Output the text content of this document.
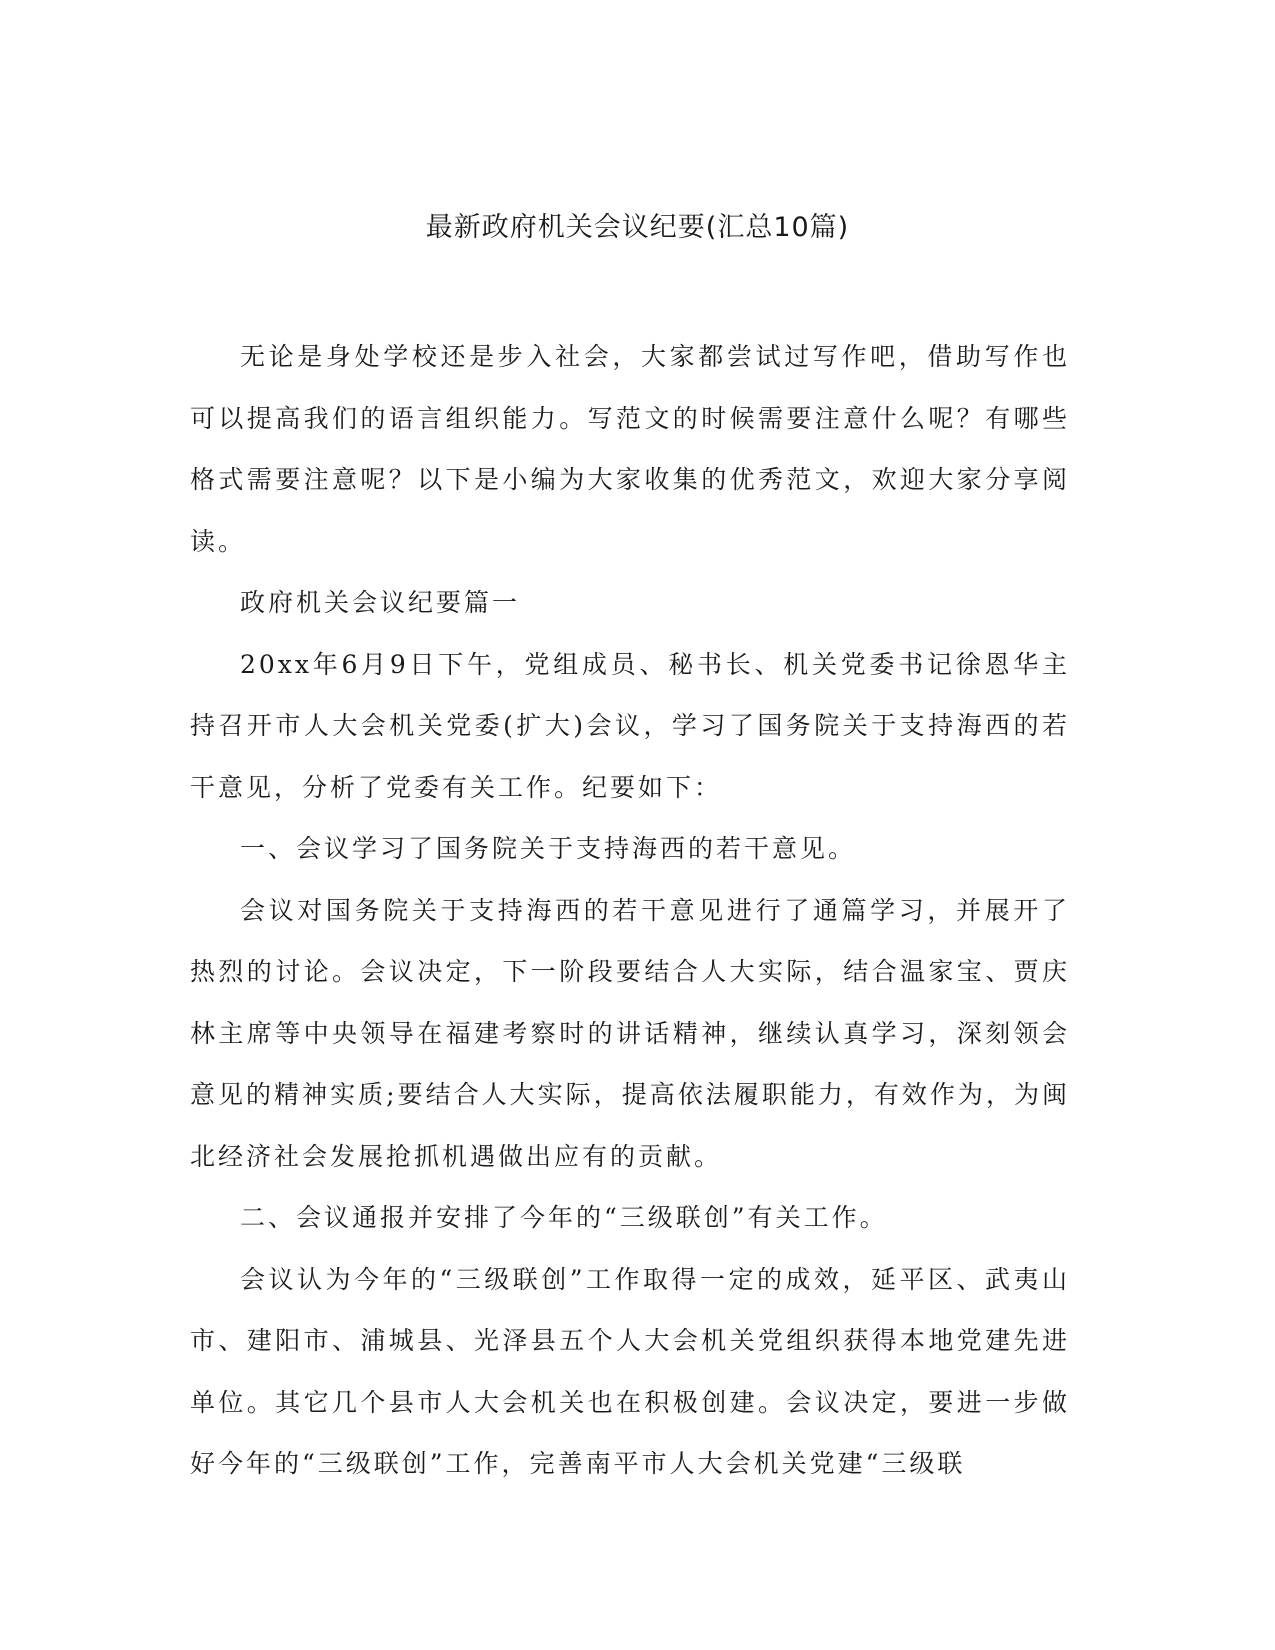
最新政府机关会议纪要(汇总10篇)

无论是身处学校还是步入社会，大家都尝试过写作吧，借助写作也可以提高我们的语言组织能力。写范文的时候需要注意什么呢？有哪些格式需要注意呢？以下是小编为大家收集的优秀范文，欢迎大家分享阅读。

政府机关会议纪要篇一

20xx年6月9日下午，党组成员、秘书长、机关党委书记徐恩华主持召开市人大会机关党委(扩大)会议，学习了国务院关于支持海西的若干意见，分析了党委有关工作。纪要如下：

一、会议学习了国务院关于支持海西的若干意见。

会议对国务院关于支持海西的若干意见进行了通篇学习，并展开了热烈的讨论。会议决定，下一阶段要结合人大实际，结合温家宝、贾庆林主席等中央领导在福建考察时的讲话精神，继续认真学习，深刻领会意见的精神实质;要结合人大实际，提高依法履职能力，有效作为，为闽北经济社会发展抢抓机遇做出应有的贡献。

二、会议通报并安排了今年的“三级联创”有关工作。

会议认为今年的“三级联创”工作取得一定的成效，延平区、武夷山市、建阳市、浦城县、光泽县五个人大会机关党组织获得本地党建先进单位。其它几个县市人大会机关也在积极创建。会议决定，要进一步做好今年的“三级联创”工作，完善南平市人大会机关党建“三级联
